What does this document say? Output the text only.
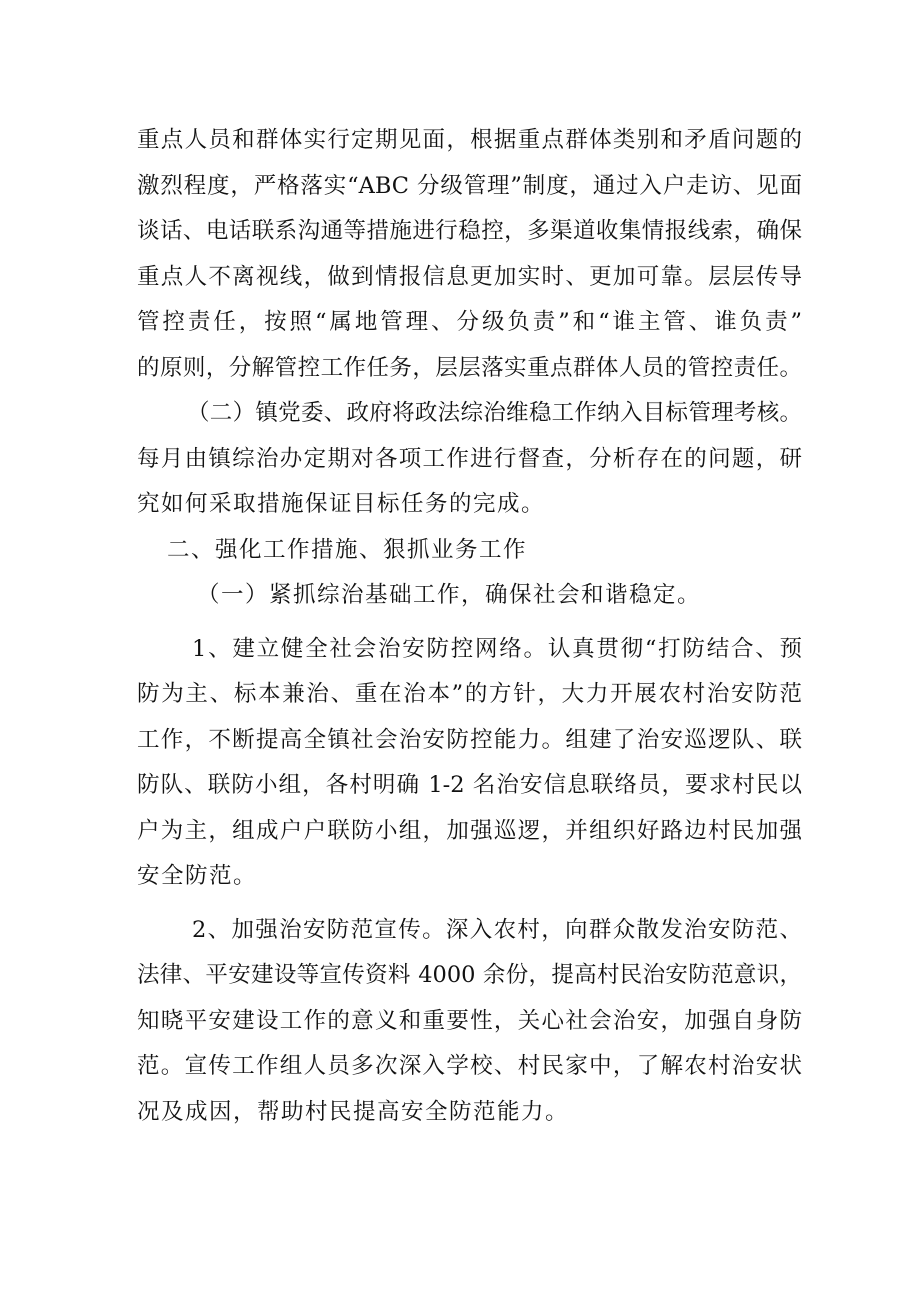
重点人员和群体实行定期见面，根据重点群体类别和矛盾问题的
激烈程度，严格落实“ABC 分级管理”制度，通过入户走访、见面
谈话、电话联系沟通等措施进行稳控，多渠道收集情报线索，确保
重点人不离视线，做到情报信息更加实时、更加可靠。层层传导
管控责任，按照“属地管理、分级负责”和“谁主管、谁负责”
的原则，分解管控工作任务，层层落实重点群体人员的管控责任。
（二）镇党委、政府将政法综治维稳工作纳入目标管理考核。
每月由镇综治办定期对各项工作进行督查，分析存在的问题，研
究如何采取措施保证目标任务的完成。
二、强化工作措施、狠抓业务工作
（一）紧抓综治基础工作，确保社会和谐稳定。
1、建立健全社会治安防控网络。认真贯彻“打防结合、预
防为主、标本兼治、重在治本”的方针，大力开展农村治安防范
工作，不断提高全镇社会治安防控能力。组建了治安巡逻队、联
防队、联防小组，各村明确 1-2 名治安信息联络员，要求村民以
户为主，组成户户联防小组，加强巡逻，并组织好路边村民加强
安全防范。
2、加强治安防范宣传。深入农村，向群众散发治安防范、
法律、平安建设等宣传资料 4000 余份，提高村民治安防范意识，
知晓平安建设工作的意义和重要性，关心社会治安，加强自身防
范。宣传工作组人员多次深入学校、村民家中，了解农村治安状
况及成因，帮助村民提高安全防范能力。
